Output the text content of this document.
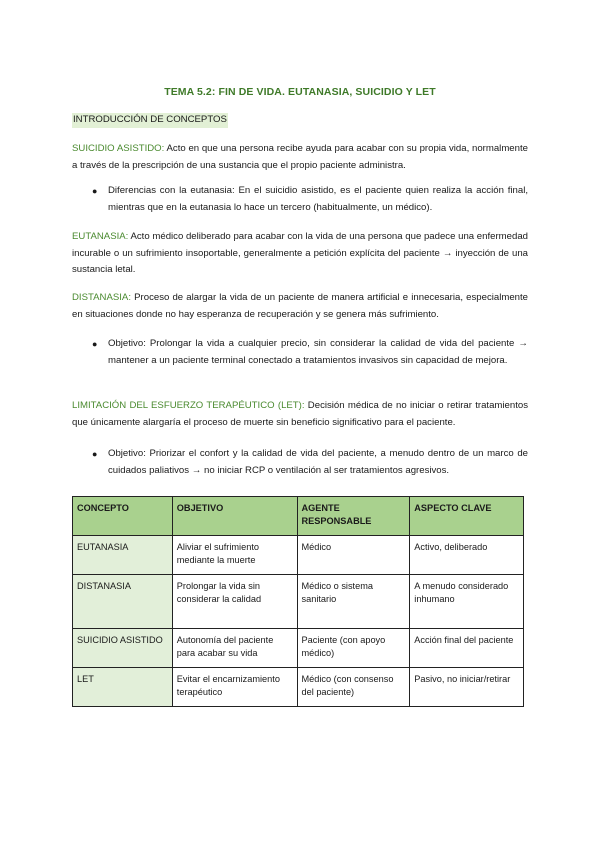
TEMA 5.2: FIN DE VIDA. EUTANASIA, SUICIDIO Y LET
INTRODUCCIÓN DE CONCEPTOS
SUICIDIO ASISTIDO: Acto en que una persona recibe ayuda para acabar con su propia vida, normalmente a través de la prescripción de una sustancia que el propio paciente administra.
●	Diferencias con la eutanasia: En el suicidio asistido, es el paciente quien realiza la acción final, mientras que en la eutanasia lo hace un tercero (habitualmente, un médico).
EUTANASIA: Acto médico deliberado para acabar con la vida de una persona que padece una enfermedad incurable o un sufrimiento insoportable, generalmente a petición explícita del paciente → inyección de una sustancia letal.
DISTANASIA: Proceso de alargar la vida de un paciente de manera artificial e innecesaria, especialmente en situaciones donde no hay esperanza de recuperación y se genera más sufrimiento.
●	Objetivo: Prolongar la vida a cualquier precio, sin considerar la calidad de vida del paciente → mantener a un paciente terminal conectado a tratamientos invasivos sin capacidad de mejora.
LIMITACIÓN DEL ESFUERZO TERAPÉUTICO (LET): Decisión médica de no iniciar o retirar tratamientos que únicamente alargaría el proceso de muerte sin beneficio significativo para el paciente.
●	Objetivo: Priorizar el confort y la calidad de vida del paciente, a menudo dentro de un marco de cuidados paliativos → no iniciar RCP o ventilación al ser tratamientos agresivos.
CONCEPTO	OBJETIVO	AGENTE RESPONSABLE	ASPECTO CLAVE
EUTANASIA	Aliviar el sufrimiento mediante la muerte	Médico	Activo, deliberado
DISTANASIA	Prolongar la vida sin considerar la calidad	Médico o sistema sanitario	A menudo considerado inhumano
SUICIDIO ASISTIDO	Autonomía del paciente para acabar su vida	Paciente (con apoyo médico)	Acción final del paciente
LET	Evitar el encarnizamiento terapéutico	Médico (con consenso del paciente)	Pasivo, no iniciar/retirar
